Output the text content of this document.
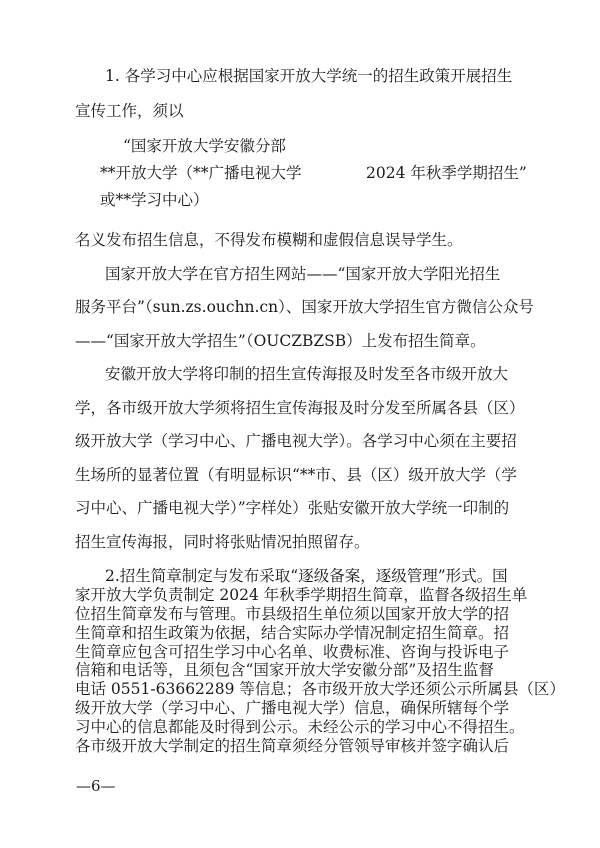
1. 各学习中心应根据国家开放大学统一的招生政策开展招生
宣传工作，须以
“国家开放大学安徽分部
**开放大学（**广播电视大学	2024 年秋季学期招生”
或**学习中心）
名义发布招生信息，不得发布模糊和虚假信息误导学生。
国家开放大学在官方招生网站——“国家开放大学阳光招生
服务平台”（sun.zs.ouchn.cn）、国家开放大学招生官方微信公众号
——“国家开放大学招生”（OUCZBZSB）上发布招生简章。
安徽开放大学将印制的招生宣传海报及时发至各市级开放大
学，各市级开放大学须将招生宣传海报及时分发至所属各县（区）
级开放大学（学习中心、广播电视大学）。各学习中心须在主要招
生场所的显著位置（有明显标识“**市、县（区）级开放大学（学
习中心、广播电视大学）”字样处）张贴安徽开放大学统一印制的
招生宣传海报，同时将张贴情况拍照留存。
2.招生简章制定与发布采取“逐级备案，逐级管理”形式。国
家开放大学负责制定 2024 年秋季学期招生简章，监督各级招生单
位招生简章发布与管理。市县级招生单位须以国家开放大学的招
生简章和招生政策为依据，结合实际办学情况制定招生简章。招
生简章应包含可招生学习中心名单、收费标准、咨询与投诉电子
信箱和电话等，且须包含“国家开放大学安徽分部”及招生监督
电话 0551-63662289 等信息；各市级开放大学还须公示所属县（区）
级开放大学（学习中心、广播电视大学）信息，确保所辖每个学
习中心的信息都能及时得到公示。未经公示的学习中心不得招生。
各市级开放大学制定的招生简章须经分管领导审核并签字确认后
—6—
